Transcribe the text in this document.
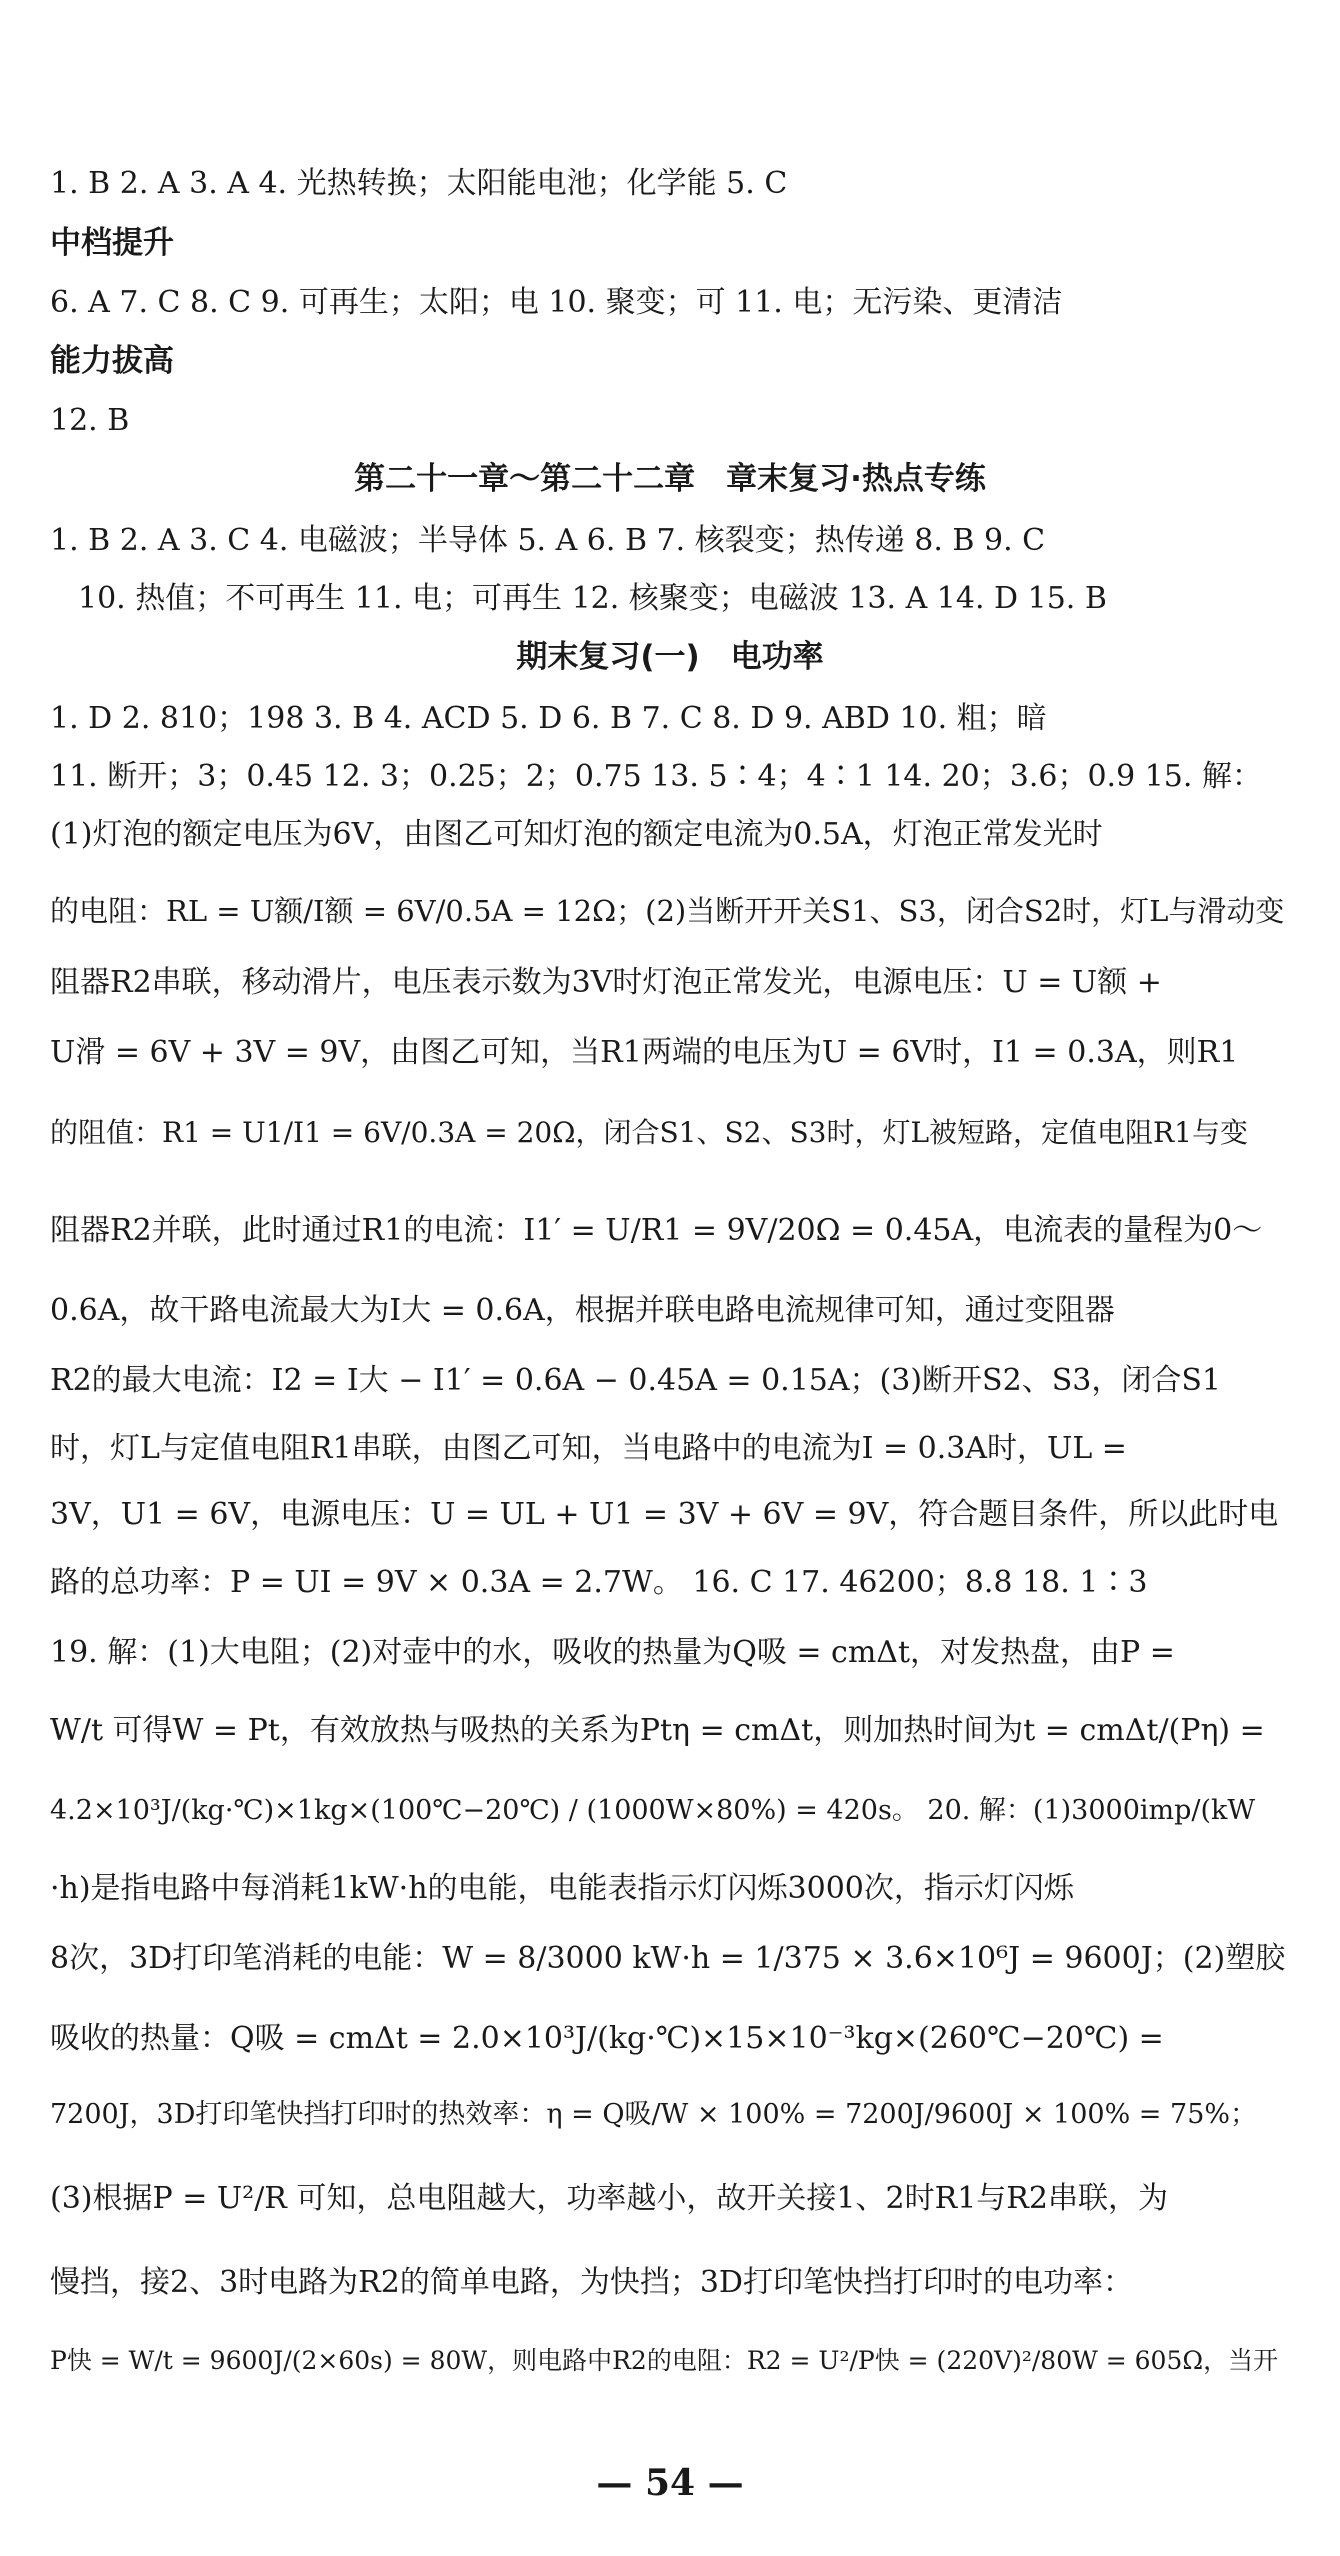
1. B 2. A 3. A 4. 光热转换；太阳能电池；化学能 5. C
中档提升
6. A 7. C 8. C 9. 可再生；太阳；电 10. 聚变；可 11. 电；无污染、更清洁
能力拔高
12. B
第二十一章～第二十二章　章末复习·热点专练
1. B 2. A 3. C 4. 电磁波；半导体 5. A 6. B 7. 核裂变；热传递 8. B 9. C
10. 热值；不可再生 11. 电；可再生 12. 核聚变；电磁波 13. A 14. D 15. B
期末复习(一)　电功率
1. D 2. 810；198 3. B 4. ACD 5. D 6. B 7. C 8. D 9. ABD 10. 粗；暗
11. 断开；3；0.45 12. 3；0.25；2；0.75 13. 5∶4；4∶1 14. 20；3.6；0.9 15. 解：
(1)灯泡的额定电压为6V，由图乙可知灯泡的额定电流为0.5A，灯泡正常发光时
的电阻：RL = U额/I额 = 6V/0.5A = 12Ω；(2)当断开开关S1、S3，闭合S2时，灯L与滑动变
阻器R2串联，移动滑片，电压表示数为3V时灯泡正常发光，电源电压：U = U额 +
U滑 = 6V + 3V = 9V，由图乙可知，当R1两端的电压为U = 6V时，I1 = 0.3A，则R1
的阻值：R1 = U1/I1 = 6V/0.3A = 20Ω，闭合S1、S2、S3时，灯L被短路，定值电阻R1与变
阻器R2并联，此时通过R1的电流：I1′ = U/R1 = 9V/20Ω = 0.45A，电流表的量程为0～
0.6A，故干路电流最大为I大 = 0.6A，根据并联电路电流规律可知，通过变阻器
R2的最大电流：I2 = I大 − I1′ = 0.6A − 0.45A = 0.15A；(3)断开S2、S3，闭合S1
时，灯L与定值电阻R1串联，由图乙可知，当电路中的电流为I = 0.3A时，UL =
3V，U1 = 6V，电源电压：U = UL + U1 = 3V + 6V = 9V，符合题目条件，所以此时电
路的总功率：P = UI = 9V × 0.3A = 2.7W。 16. C 17. 46200；8.8 18. 1∶3
19. 解：(1)大电阻；(2)对壶中的水，吸收的热量为Q吸 = cmΔt，对发热盘，由P =
W/t 可得W = Pt，有效放热与吸热的关系为Ptη = cmΔt，则加热时间为t = cmΔt/(Pη) =
4.2×10³J/(kg·℃)×1kg×(100℃−20℃) / (1000W×80%) = 420s。 20. 解：(1)3000imp/(kW
·h)是指电路中每消耗1kW·h的电能，电能表指示灯闪烁3000次，指示灯闪烁
8次，3D打印笔消耗的电能：W = 8/3000 kW·h = 1/375 × 3.6×10⁶J = 9600J；(2)塑胶
吸收的热量：Q吸 = cmΔt = 2.0×10³J/(kg·℃)×15×10⁻³kg×(260℃−20℃) =
7200J，3D打印笔快挡打印时的热效率：η = Q吸/W × 100% = 7200J/9600J × 100% = 75%；
(3)根据P = U²/R 可知，总电阻越大，功率越小，故开关接1、2时R1与R2串联，为
慢挡，接2、3时电路为R2的简单电路，为快挡；3D打印笔快挡打印时的电功率：
P快 = W/t = 9600J/(2×60s) = 80W，则电路中R2的电阻：R2 = U²/P快 = (220V)²/80W = 605Ω，当开
— 54 —
